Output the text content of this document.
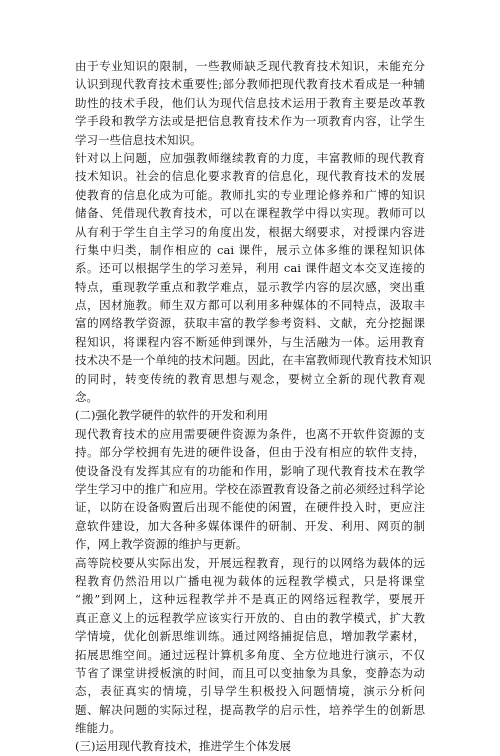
由于专业知识的限制，一些教师缺乏现代教育技术知识，未能充分
认识到现代教育技术重要性;部分教师把现代教育技术看成是一种辅
助性的技术手段，他们认为现代信息技术运用于教育主要是改革教
学手段和教学方法或是把信息教育技术作为一项教育内容，让学生
学习一些信息技术知识。
针对以上问题，应加强教师继续教育的力度，丰富教师的现代教育
技术知识。社会的信息化要求教育的信息化，现代教育技术的发展
使教育的信息化成为可能。教师扎实的专业理论修养和广博的知识
储备、凭借现代教育技术，可以在课程教学中得以实现。教师可以
从有利于学生自主学习的角度出发，根据大纲要求，对授课内容进
行集中归类，制作相应的 cai 课件，展示立体多维的课程知识体
系。还可以根据学生的学习差异，利用 cai 课件超文本交叉连接的
特点，重现教学重点和教学难点，显示教学内容的层次感，突出重
点，因材施教。师生双方都可以利用多种媒体的不同特点，汲取丰
富的网络教学资源，获取丰富的教学参考资料、文献，充分挖掘课
程知识，将课程内容不断延伸到课外，与生活融为一体。运用教育
技术决不是一个单纯的技术问题。因此，在丰富教师现代教育技术知识
的同时，转变传统的教育思想与观念，要树立全新的现代教育观
念。
(二)强化教学硬件的软件的开发和利用
现代教育技术的应用需要硬件资源为条件，也离不开软件资源的支
持。部分学校拥有先进的硬件设备，但由于没有相应的软件支持，
使设备没有发挥其应有的功能和作用，影响了现代教育技术在教学
学生学习中的推广和应用。学校在添置教育设备之前必须经过科学论
证，以防在设备购置后出现不能使的闲置，在硬件投入时，更应注
意软件建设，加大各种多媒体课件的研制、开发、利用、网页的制
作，网上教学资源的维护与更新。
高等院校要从实际出发，开展远程教育，现行的以网络为载体的远
程教育仍然沿用以广播电视为载体的远程教学模式，只是将课堂
“搬”到网上，这种远程教学并不是真正的网络远程教学，要展开
真正意义上的远程教学应该实行开放的、自由的教学模式，扩大教
学情境，优化创新思维训练。通过网络捕捉信息，增加教学素材，
拓展思维空间。通过远程计算机多角度、全方位地进行演示，不仅
节省了课堂讲授板演的时间，而且可以变抽象为具象，变静态为动
态，表征真实的情境，引导学生积极投入问题情境，演示分析问
题、解决问题的实际过程，提高教学的启示性，培养学生的创新思
维能力。
(三)运用现代教育技术，推进学生个体发展
